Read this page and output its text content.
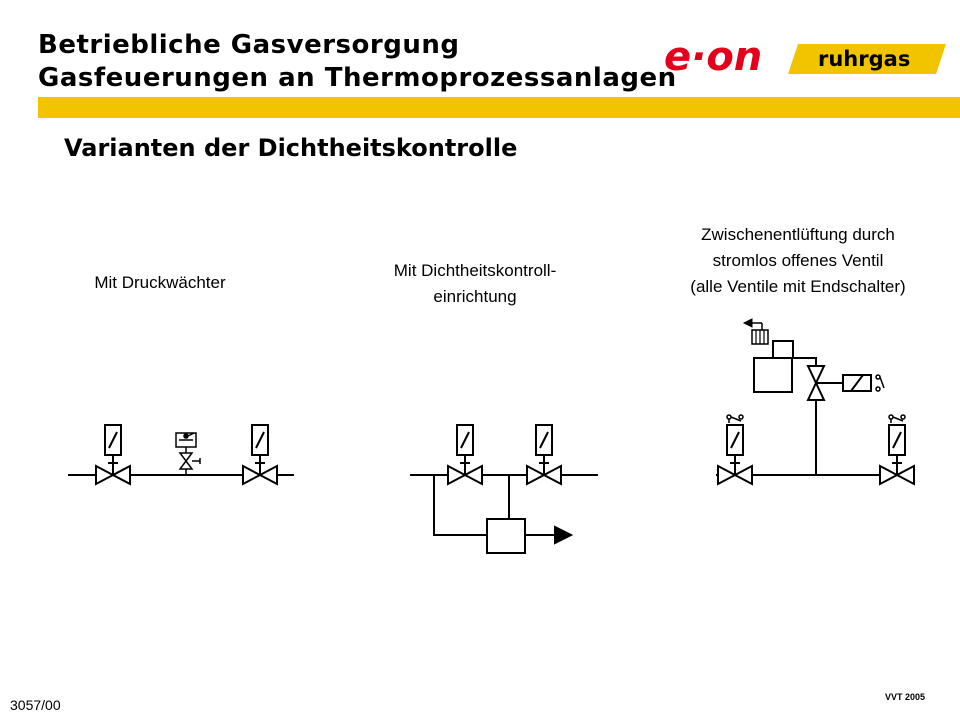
Betriebliche Gasversorgung
Gasfeuerungen an Thermoprozessanlagen
e·on	ruhrgas
Varianten der Dichtheitskontrolle
Mit Druckwächter
Mit Dichtheitskontroll-
einrichtung
Zwischenentlüftung durch
stromlos offenes Ventil
(alle Ventile mit Endschalter)
3057/00	VVT 2005
